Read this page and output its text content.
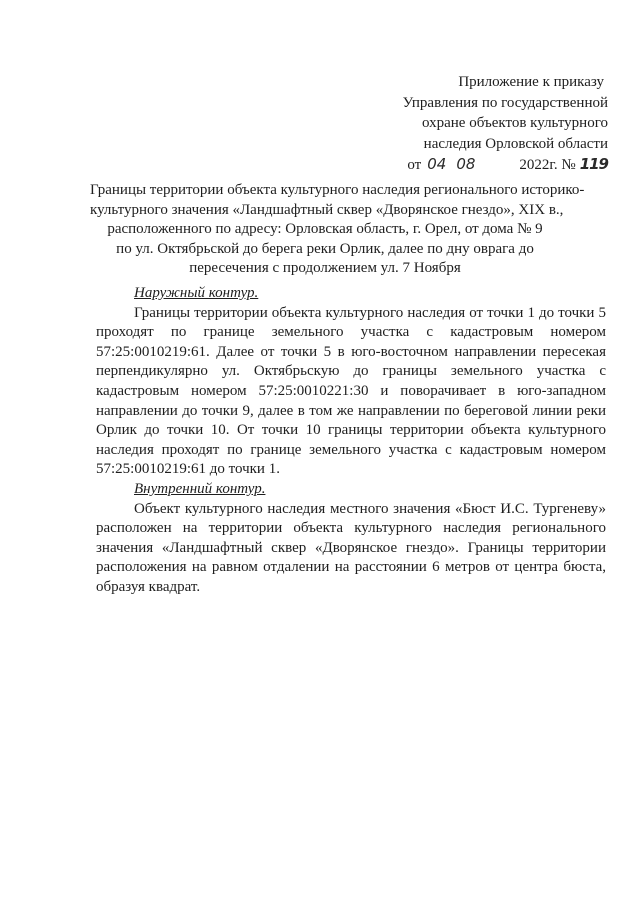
Приложение к приказу
Управления по государственной
охране объектов культурного
наследия Орловской области
от 04 08	2022г. № 119
Границы территории объекта культурного наследия регионального историко-
культурного значения «Ландшафтный сквер «Дворянское гнездо», XIX в.,
расположенного по адресу: Орловская область, г. Орел, от дома № 9
по ул. Октябрьской до берега реки Орлик, далее по дну оврага до
пересечения с продолжением ул. 7 Ноября
Наружный контур.

Границы территории объекта культурного наследия от точки 1 до точки 5 проходят по границе земельного участка с кадастровым номером 57:25:0010219:61. Далее от точки 5 в юго-восточном направлении пересекая перпендикулярно ул. Октябрьскую до границы земельного участка с кадастровым номером 57:25:0010221:30 и поворачивает в юго-западном направлении до точки 9, далее в том же направлении по береговой линии реки Орлик до точки 10. От точки 10 границы территории объекта культурного наследия проходят по границе земельного участка с кадастровым номером 57:25:0010219:61 до точки 1.

Внутренний контур.

Объект культурного наследия местного значения «Бюст И.С. Тургеневу» расположен на территории объекта культурного наследия регионального значения «Ландшафтный сквер «Дворянское гнездо». Границы территории расположения на равном отдалении на расстоянии 6 метров от центра бюста, образуя квадрат.
